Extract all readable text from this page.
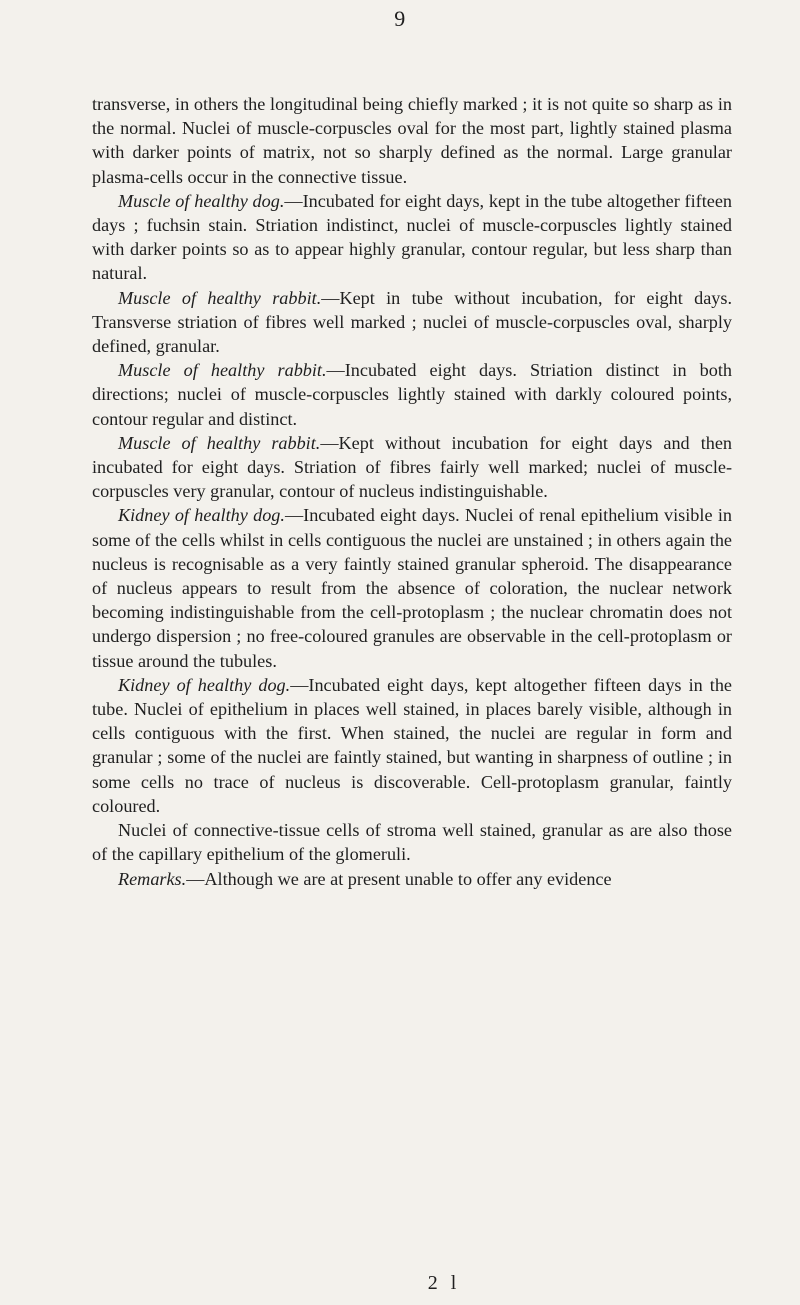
9

transverse, in others the longitudinal being chiefly marked ; it is not quite so sharp as in the normal. Nuclei of muscle-corpuscles oval for the most part, lightly stained plasma with darker points of matrix, not so sharply defined as the normal. Large granular plasma-cells occur in the connective tissue.

Muscle of healthy dog.—Incubated for eight days, kept in the tube altogether fifteen days ; fuchsin stain. Striation indistinct, nuclei of muscle-corpuscles lightly stained with darker points so as to appear highly granular, contour regular, but less sharp than natural.

Muscle of healthy rabbit.—Kept in tube without incubation, for eight days. Transverse striation of fibres well marked ; nuclei of muscle-corpuscles oval, sharply defined, granular.

Muscle of healthy rabbit.—Incubated eight days. Striation distinct in both directions; nuclei of muscle-corpuscles lightly stained with darkly coloured points, contour regular and distinct.

Muscle of healthy rabbit.—Kept without incubation for eight days and then incubated for eight days. Striation of fibres fairly well marked; nuclei of muscle-corpuscles very granular, contour of nucleus indistinguishable.

Kidney of healthy dog.—Incubated eight days. Nuclei of renal epithelium visible in some of the cells whilst in cells contiguous the nuclei are unstained ; in others again the nucleus is recognisable as a very faintly stained granular spheroid. The disappearance of nucleus appears to result from the absence of coloration, the nuclear network becoming indistinguishable from the cell-protoplasm ; the nuclear chromatin does not undergo dispersion ; no free-coloured granules are observable in the cell-protoplasm or tissue around the tubules.

Kidney of healthy dog.—Incubated eight days, kept altogether fifteen days in the tube. Nuclei of epithelium in places well stained, in places barely visible, although in cells contiguous with the first. When stained, the nuclei are regular in form and granular ; some of the nuclei are faintly stained, but wanting in sharpness of outline ; in some cells no trace of nucleus is discoverable. Cell-protoplasm granular, faintly coloured.

Nuclei of connective-tissue cells of stroma well stained, granular as are also those of the capillary epithelium of the glomeruli.

Remarks.—Although we are at present unable to offer any evidence

2 l
